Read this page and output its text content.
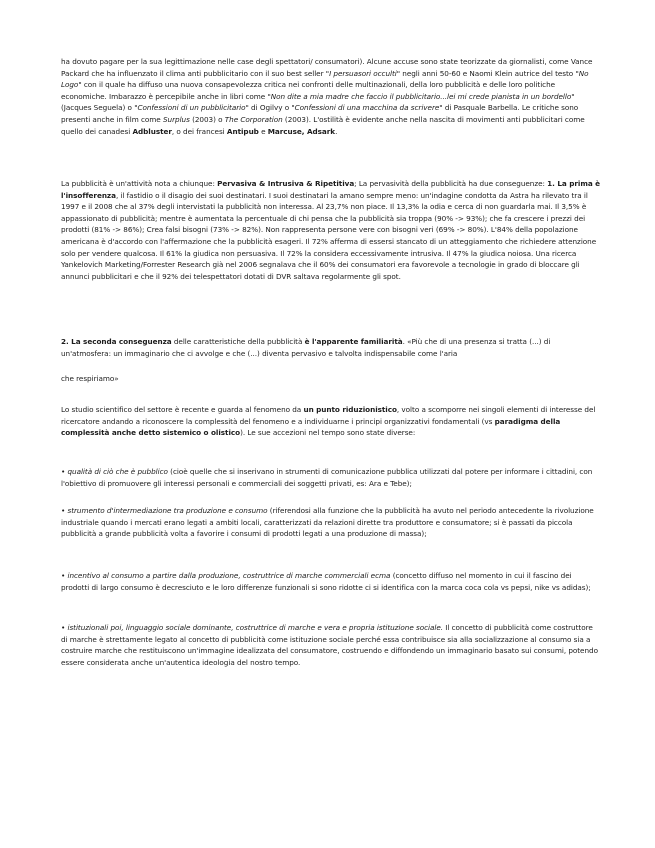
ha dovuto pagare per la sua legittimazione nelle case degli spettatori/ consumatori). Alcune accuse sono state teorizzate da giornalisti, come Vance Packard che ha influenzato il clima anti pubblicitario con il suo best seller "I persuasori occulti" negli anni 50-60 e Naomi Klein autrice del testo "No Logo" con il quale ha diffuso una nuova consapevolezza critica nei confronti delle multinazionali, della loro pubblicità e delle loro politiche economiche. Imbarazzo è percepibile anche in libri come "Non dite a mia madre che faccio il pubblicitario...lei mi crede pianista in un bordello" (Jacques Seguela) o "Confessioni di un pubblicitario" di Ogilvy o "Confessioni di una macchina da scrivere" di Pasquale Barbella. Le critiche sono presenti anche in film come Surplus (2003) o The Corporation (2003). L'ostilità è evidente anche nella nascita di movimenti anti pubblicitari come quello dei canadesi Adbluster, o dei francesi Antipub e Marcuse, Adsark.
La pubblicità è un'attività nota a chiunque: Pervasiva & Intrusiva & Ripetitiva; La pervasività della pubblicità ha due conseguenze: 1. La prima è l'insofferenza, il fastidio o il disagio dei suoi destinatari. I suoi destinatari la amano sempre meno: un'indagine condotta da Astra ha rilevato tra il 1997 e il 2008 che al 37% degli intervistati la pubblicità non interessa. Al 23,7% non piace. Il 13,3% la odia e cerca di non guardarla mai. Il 3,5% è appassionato di pubblicità; mentre è aumentata la percentuale di chi pensa che la pubblicità sia troppa (90% -> 93%); che fa crescere i prezzi dei prodotti (81% -> 86%); Crea falsi bisogni (73% -> 82%). Non rappresenta persone vere con bisogni veri (69% -> 80%). L'84% della popolazione americana è d'accordo con l'affermazione che la pubblicità esageri. Il 72% afferma di essersi stancato di un atteggiamento che richiedere attenzione solo per vendere qualcosa. Il 61% la giudica non persuasiva. Il 72% la considera eccessivamente intrusiva. Il 47% la giudica noiosa. Una ricerca Yankelovich Marketing/Forrester Research già nel 2006 segnalava che il 60% dei consumatori era favorevole a tecnologie in grado di bloccare gli annunci pubblicitari e che il 92% dei telespettatori dotati di DVR saltava regolarmente gli spot.
2. La seconda conseguenza delle caratteristiche della pubblicità è l'apparente familiarità. «Più che di una presenza si tratta (...) di un'atmosfera: un immaginario che ci avvolge e che (...) diventa pervasivo e talvolta indispensabile come l'aria
che respiriamo»
Lo studio scientifico del settore è recente e guarda al fenomeno da un punto riduzionistico, volto a scomporre nei singoli elementi di interesse del ricercatore andando a riconoscere la complessità del fenomeno e a individuarne i principi organizzativi fondamentali (vs paradigma della complessità anche detto sistemico o olistico). Le sue accezioni nel tempo sono state diverse:
• qualità di ciò che è pubblico (cioè quelle che si inserivano in strumenti di comunicazione pubblica utilizzati dal potere per informare i cittadini, con l'obiettivo di promuovere gli interessi personali e commerciali dei soggetti privati, es: Ara e Tebe);
• strumento d'intermediazione tra produzione e consumo (riferendosi alla funzione che la pubblicità ha avuto nel periodo antecedente la rivoluzione industriale quando i mercati erano legati a ambiti locali, caratterizzati da relazioni dirette tra produttore e consumatore; si è passati da piccola pubblicità a grande pubblicità volta a favorire i consumi di prodotti legati a una produzione di massa);
• incentivo al consumo a partire dalla produzione, costruttrice di marche commerciali ecma (concetto diffuso nel momento in cui il fascino dei prodotti di largo consumo è decresciuto e le loro differenze funzionali si sono ridotte ci si identifica con la marca coca cola vs pepsi, nike vs adidas);
• istituzionali poi, linguaggio sociale dominante, costruttrice di marche e vera e propria istituzione sociale. Il concetto di pubblicità come costruttore di marche è strettamente legato al concetto di pubblicità come istituzione sociale perché essa contribuisce sia alla socializzazione al consumo sia a costruire marche che restituiscono un'immagine idealizzata del consumatore, costruendo e diffondendo un immaginario basato sui consumi, potendo essere considerata anche un'autentica ideologia del nostro tempo.
